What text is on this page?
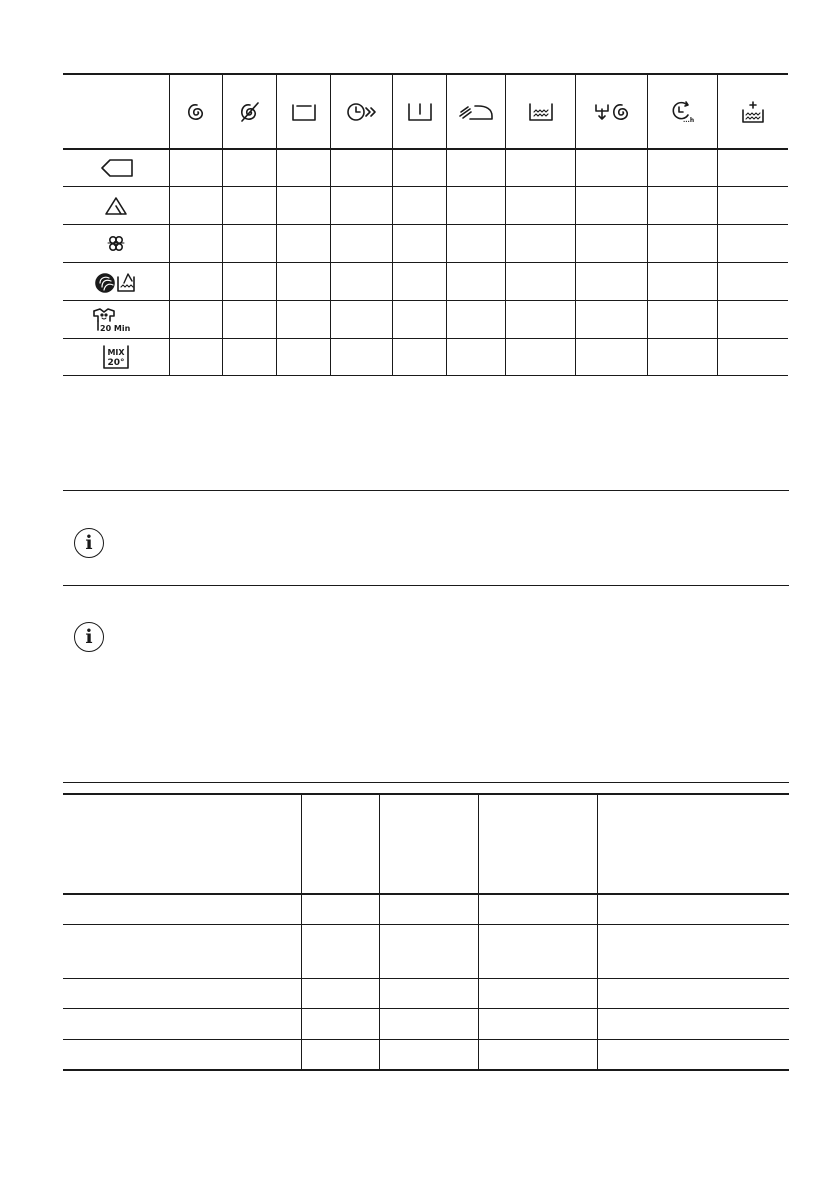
...h
20 Min
MIX
20°
i
i
